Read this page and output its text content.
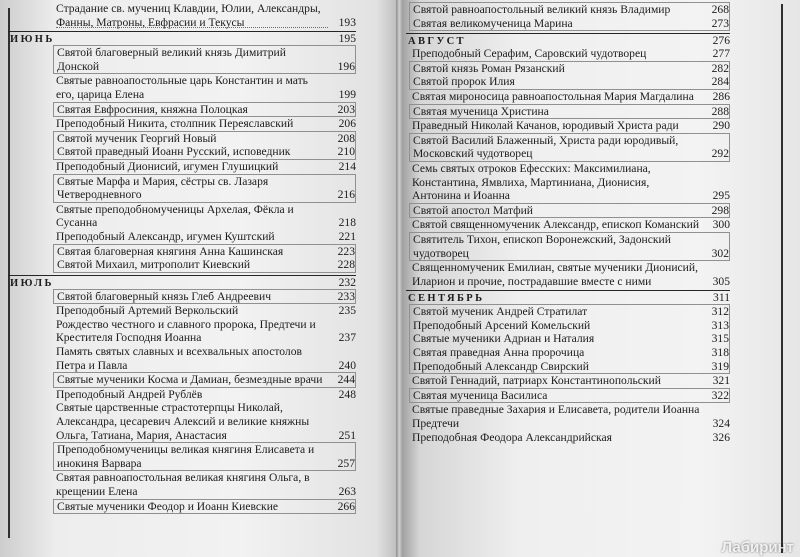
Страдание св. мучениц Клавдии, Юлии, Александры, Фанны, Матроны, Евфрасии и Текусы	193
ИЮНЬ	195
Святой благоверный великий князь Димитрий Донской	196
Святые равноапостольные царь Константин и мать его, царица Елена	199
Святая Евфросиния, княжна Полоцкая	203
Преподобный Никита, столпник Переяславский	206
Святой мученик Георгий Новый	208
Святой праведный Иоанн Русский, исповедник	210
Преподобный Дионисий, игумен Глушицкий	214
Святые Марфа и Мария, сёстры св. Лазаря Четверодневного	216
Святые преподобномученицы Архелая, Фёкла и Сусанна	218
Преподобный Александр, игумен Куштский	221
Святая благоверная княгиня Анна Кашинская	223
Святой Михаил, митрополит Киевский	228
ИЮЛЬ	232
Святой благоверный князь Глеб Андреевич	233
Преподобный Артемий Веркольский	235
Рождество честного и славного пророка, Предтечи и Крестителя Господня Иоанна	237
Память святых славных и всехвальных апостолов Петра и Павла	240
Святые мученики Косма и Дамиан, безмездные врачи 244
Преподобный Андрей Рублёв	248
Святые царственные страстотерпцы Николай, Александра, цесаревич Алексий и великие княжны Ольга, Татиана, Мария, Анастасия	251
Преподобномученицы великая княгиня Елисавета и инокиня Варвара	257
Святая равноапостольная великая княгиня Ольга, в крещении Елена	263
Святые мученики Феодор и Иоанн Киевские	266
Святой равноапостольный великий князь Владимир	268
Святая великомученица Марина	273
АВГУСТ	276
Преподобный Серафим, Саровский чудотворец	277
Святой князь Роман Рязанский	282
Святой пророк Илия	284
Святая мироносица равноапостольная Мария Магдалина	286
Святая мученица Христина	288
Праведный Николай Качанов, юродивый Христа ради	290
Святой Василий Блаженный, Христа ради юродивый, Московский чудотворец	292
Семь святых отроков Ефесских: Максимилиана, Константина, Ямвлиха, Мартиниана, Дионисия, Антонина и Иоанна	295
Святой апостол Матфий	298
Святой священномученик Александр, епископ Команский 300
Святитель Тихон, епископ Воронежский, Задонский чудотворец	302
Священномученик Емилиан, святые мученики Дионисий, Иларион и прочие, пострадавшие вместе с ними	305
СЕНТЯБРЬ	311
Святой мученик Андрей Стратилат	312
Преподобный Арсений Комельский	313
Святые мученики Адриан и Наталия	315
Святая праведная Анна пророчица	318
Преподобный Александр Свирский	319
Святой Геннадий, патриарх Константинопольский	321
Святая мученица Василиса	322
Святые праведные Захария и Елисавета, родители Иоанна Предтечи	324
Преподобная Феодора Александрийская	326
Лабиринт
